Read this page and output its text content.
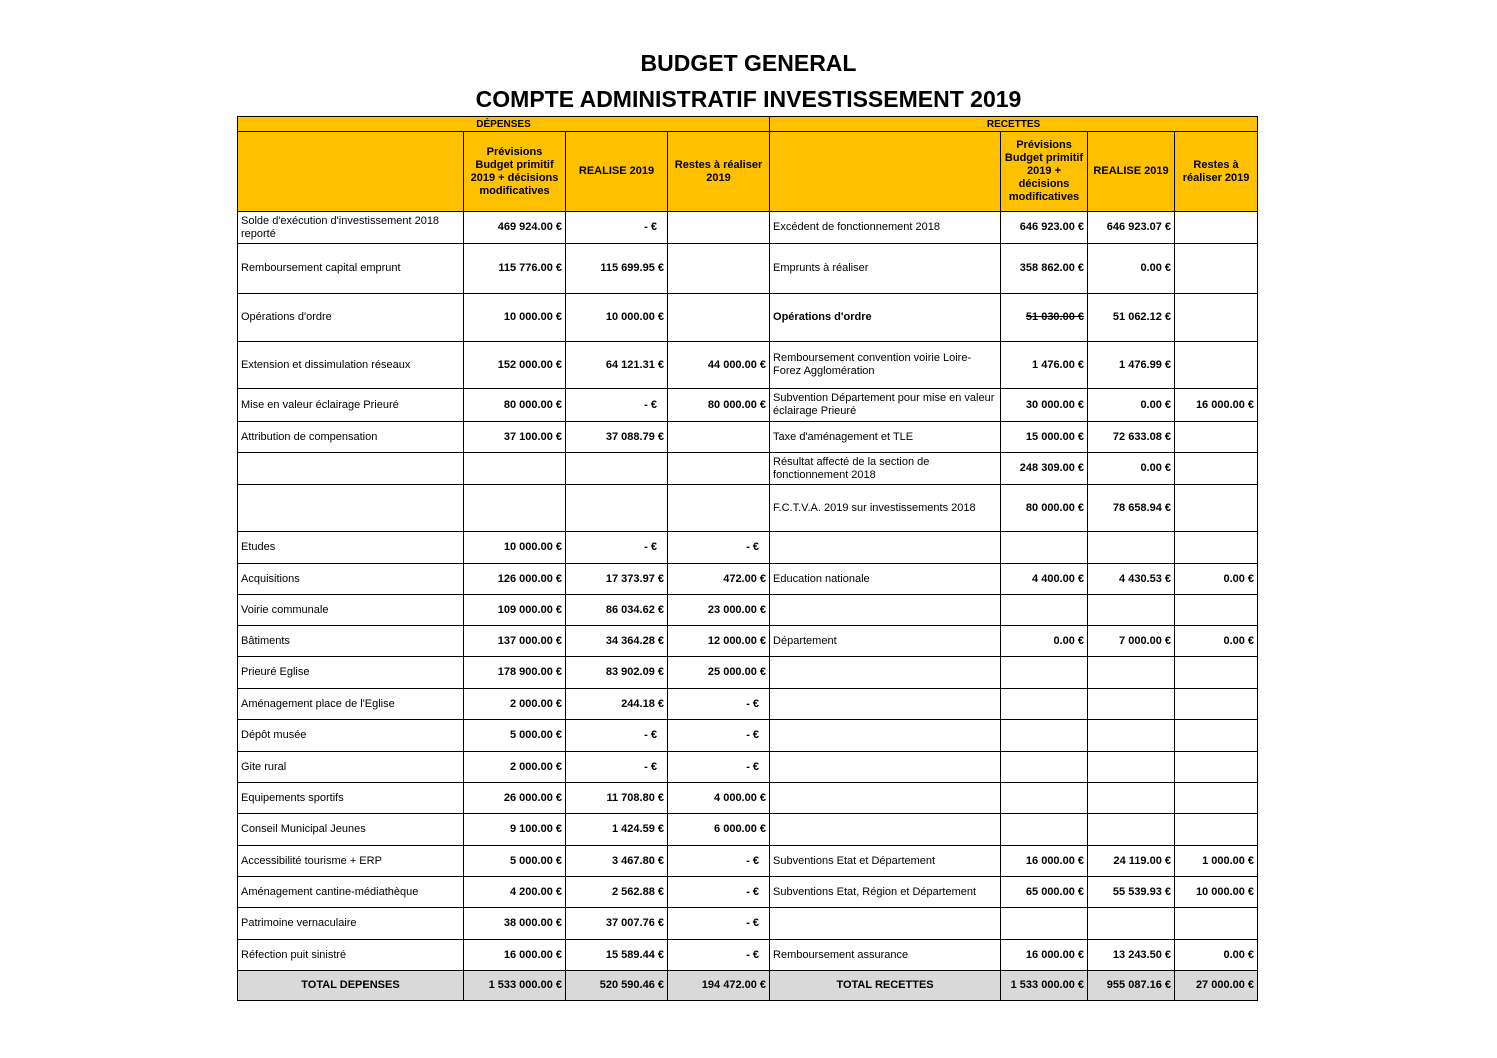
BUDGET GENERAL
COMPTE ADMINISTRATIF INVESTISSEMENT 2019
DÉPENSES				RECETTES			
	Prévisions Budget primitif 2019 + décisions modificatives	REALISE 2019	Restes à réaliser 2019		Prévisions Budget primitif 2019 + décisions modificatives	REALISE 2019	Restes à réaliser 2019
Solde d'exécution d'investissement 2018 reporté	469 924.00 €	- €		Excédent de fonctionnement 2018	646 923.00 €	646 923.07 €	
Remboursement capital emprunt	115 776.00 €	115 699.95 €		Emprunts à réaliser	358 862.00 €	0.00 €	
Opérations d'ordre	10 000.00 €	10 000.00 €		Opérations d'ordre	51 030.00 €	51 062.12 €	
Extension et dissimulation réseaux	152 000.00 €	64 121.31 €	44 000.00 €	Remboursement convention voirie Loire-Forez Agglomération	1 476.00 €	1 476.99 €	
Mise en valeur éclairage Prieuré	80 000.00 €	- €	80 000.00 €	Subvention Département pour mise en valeur éclairage Prieuré	30 000.00 €	0.00 €	16 000.00 €
Attribution de compensation	37 100.00 €	37 088.79 €		Taxe d'aménagement et TLE	15 000.00 €	72 633.08 €	
				Résultat affecté de la section de fonctionnement 2018	248 309.00 €	0.00 €	
				F.C.T.V.A. 2019 sur investissements 2018	80 000.00 €	78 658.94 €	
Etudes	10 000.00 €	- €	- €				
Acquisitions	126 000.00 €	17 373.97 €	472.00 €	Education nationale	4 400.00 €	4 430.53 €	0.00 €
Voirie communale	109 000.00 €	86 034.62 €	23 000.00 €				
Bâtiments	137 000.00 €	34 364.28 €	12 000.00 €	Département	0.00 €	7 000.00 €	0.00 €
Prieuré Eglise	178 900.00 €	83 902.09 €	25 000.00 €				
Aménagement place de l'Eglise	2 000.00 €	244.18 €	- €				
Dépôt musée	5 000.00 €	- €	- €				
Gite rural	2 000.00 €	- €	- €				
Equipements sportifs	26 000.00 €	11 708.80 €	4 000.00 €				
Conseil Municipal Jeunes	9 100.00 €	1 424.59 €	6 000.00 €				
Accessibilité tourisme + ERP	5 000.00 €	3 467.80 €	- €	Subventions Etat et Département	16 000.00 €	24 119.00 €	1 000.00 €
Aménagement cantine-médiathèque	4 200.00 €	2 562.88 €	- €	Subventions Etat, Région et Département	65 000.00 €	55 539.93 €	10 000.00 €
Patrimoine vernaculaire	38 000.00 €	37 007.76 €	- €				
Réfection puit sinistré	16 000.00 €	15 589.44 €	- €	Remboursement assurance	16 000.00 €	13 243.50 €	0.00 €
TOTAL DEPENSES	1 533 000.00 €	520 590.46 €	194 472.00 €	TOTAL RECETTES	1 533 000.00 €	955 087.16 €	27 000.00 €
